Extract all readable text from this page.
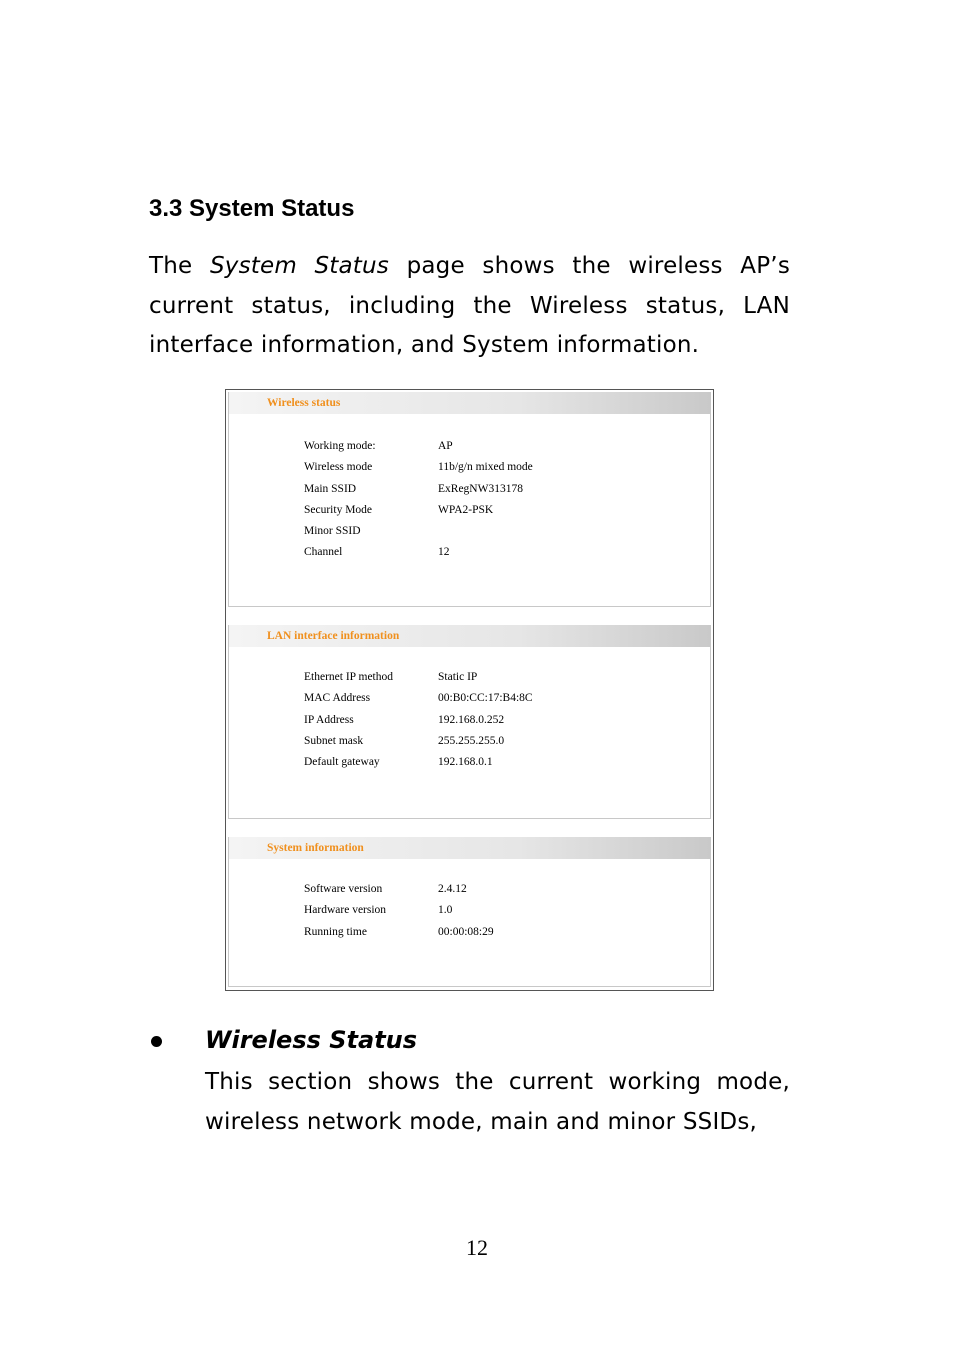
3.3 System Status

The System Status page shows the wireless AP’s current status, including the Wireless status, LAN interface information, and System information.

Wireless status
Working mode:	AP
Wireless mode	11b/g/n mixed mode
Main SSID	ExRegNW313178
Security Mode	WPA2-PSK
Minor SSID
Channel	12
LAN interface information
Ethernet IP method	Static IP
MAC Address	00:B0:CC:17:B4:8C
IP Address	192.168.0.252
Subnet mask	255.255.255.0
Default gateway	192.168.0.1
System information
Software version	2.4.12
Hardware version	1.0
Running time	00:00:08:29
Wireless Status

This section shows the current working mode, wireless network mode, main and minor SSIDs,

12
